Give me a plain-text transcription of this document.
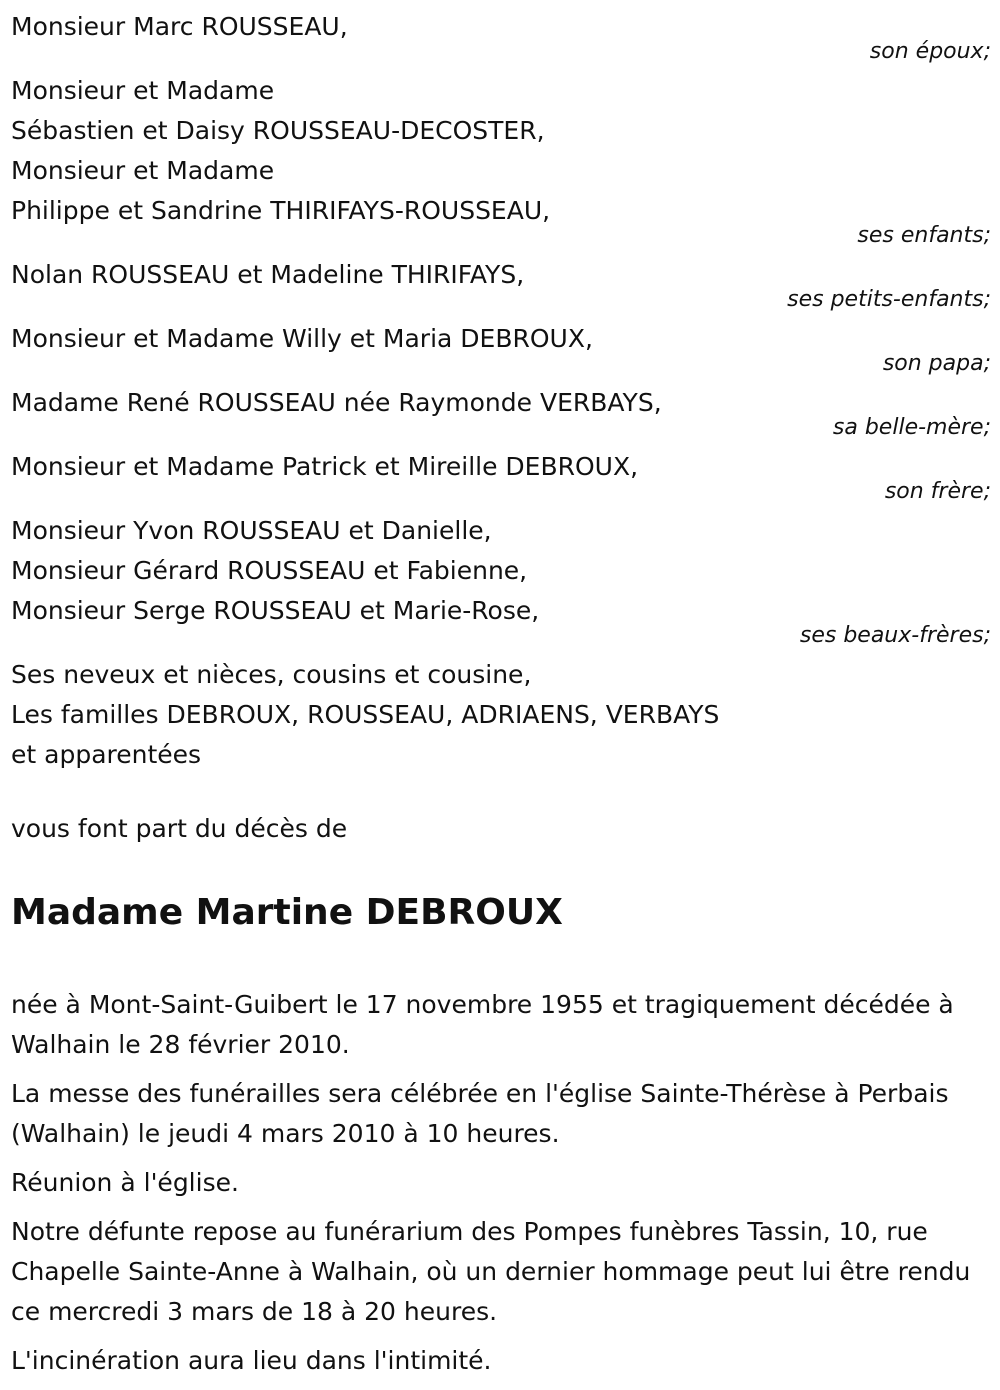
Monsieur Marc ROUSSEAU,
son époux;
Monsieur et Madame
Sébastien et Daisy ROUSSEAU-DECOSTER,
Monsieur et Madame
Philippe et Sandrine THIRIFAYS-ROUSSEAU,
ses enfants;
Nolan ROUSSEAU et Madeline THIRIFAYS,
ses petits-enfants;
Monsieur et Madame Willy et Maria DEBROUX,
son papa;
Madame René ROUSSEAU née Raymonde VERBAYS,
sa belle-mère;
Monsieur et Madame Patrick et Mireille DEBROUX,
son frère;
Monsieur Yvon ROUSSEAU et Danielle,
Monsieur Gérard ROUSSEAU et Fabienne,
Monsieur Serge ROUSSEAU et Marie-Rose,
ses beaux-frères;
Ses neveux et nièces, cousins et cousine,
Les familles DEBROUX, ROUSSEAU, ADRIAENS, VERBAYS
et apparentées
vous font part du décès de
Madame Martine DEBROUX
née à Mont-Saint-Guibert le 17 novembre 1955 et tragiquement décédée à Walhain le 28 février 2010.
La messe des funérailles sera célébrée en l'église Sainte-Thérèse à Perbais (Walhain) le jeudi 4 mars 2010 à 10 heures.
Réunion à l'église.
Notre défunte repose au funérarium des Pompes funèbres Tassin, 10, rue Chapelle Sainte-Anne à Walhain, où un dernier hommage peut lui être rendu ce mercredi 3 mars de 18 à 20 heures.
L'incinération aura lieu dans l'intimité.
